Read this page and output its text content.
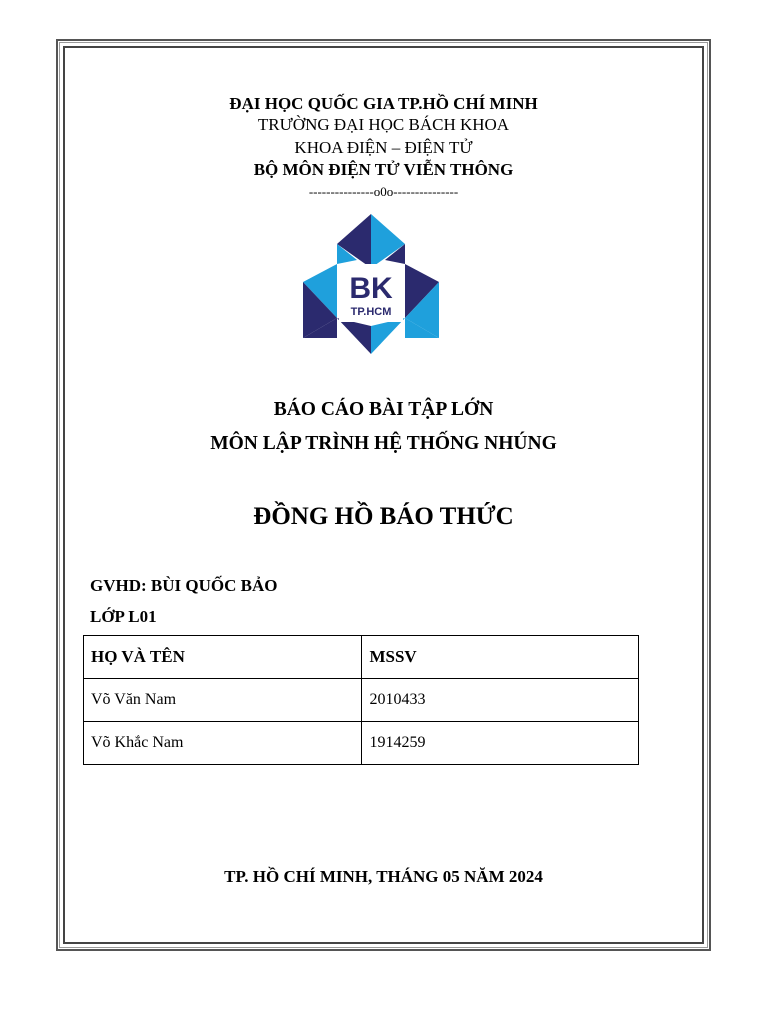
ĐẠI HỌC QUỐC GIA TP.HỒ CHÍ MINH
TRƯỜNG ĐẠI HỌC BÁCH KHOA
KHOA ĐIỆN – ĐIỆN TỬ
BỘ MÔN ĐIỆN TỬ VIỄN THÔNG
---------------o0o---------------
BK
TP.HCM
BÁO CÁO BÀI TẬP LỚN
MÔN LẬP TRÌNH HỆ THỐNG NHÚNG
ĐỒNG HỒ BÁO THỨC
GVHD: BÙI QUỐC BẢO
LỚP L01
HỌ VÀ TÊN	MSSV
Võ Văn Nam	2010433
Võ Khắc Nam	1914259
TP. HỒ CHÍ MINH, THÁNG 05 NĂM 2024
